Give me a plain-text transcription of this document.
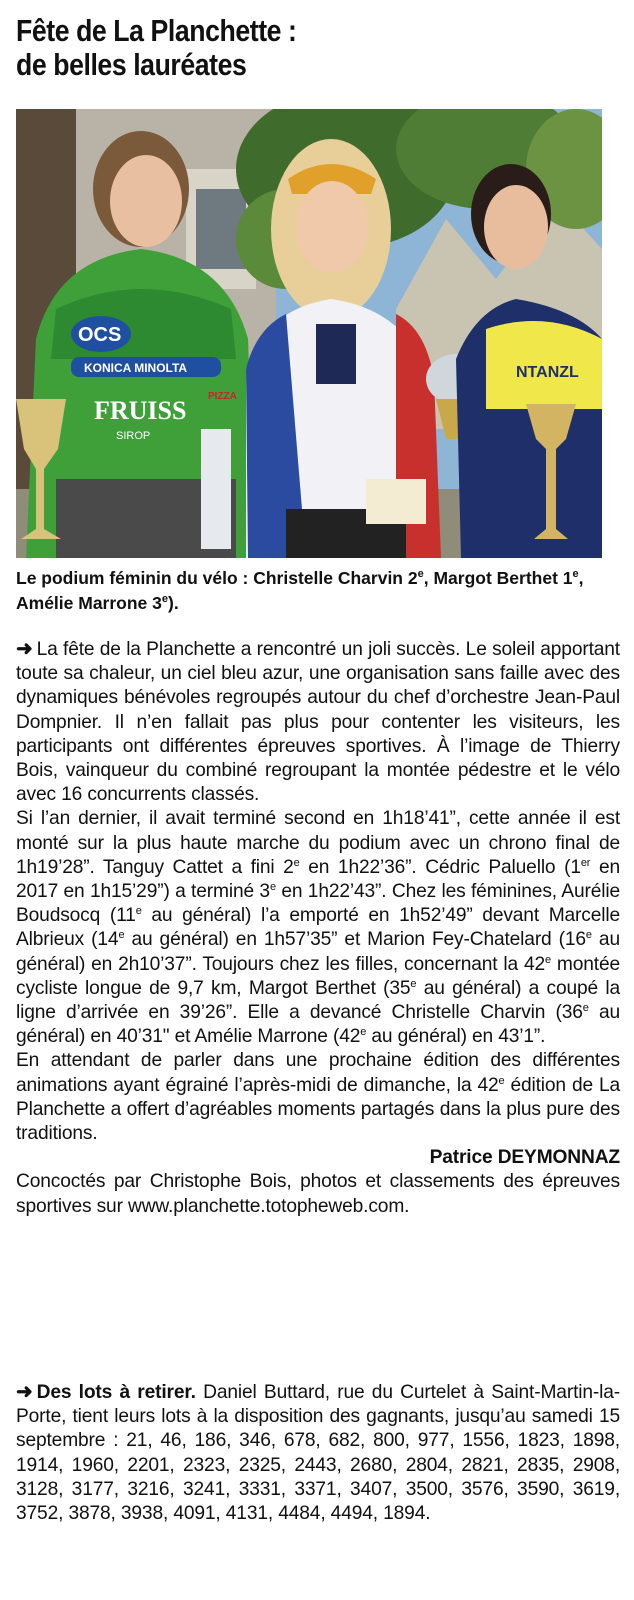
Fête de La Planchette :
de belles lauréates
OCS
KONICA MINOLTA
FRUISS
SIROP
PIZZA
NTANZL
Le podium féminin du vélo : Christelle Charvin 2e, Margot Berthet 1e, Amélie Marrone 3e).

➜ La fête de la Planchette a rencontré un joli succès. Le soleil apportant toute sa chaleur, un ciel bleu azur, une organisation sans faille avec des dynamiques bénévoles regroupés autour du chef d’orchestre Jean-Paul Dompnier. Il n’en fallait pas plus pour contenter les visiteurs, les participants ont différentes épreuves sportives. À l’image de Thierry Bois, vainqueur du combiné regroupant la montée pédestre et le vélo avec 16 concurrents classés.

Si l’an dernier, il avait terminé second en 1h18’41”, cette année il est monté sur la plus haute marche du podium avec un chrono final de 1h19’28”. Tanguy Cattet a fini 2e en 1h22’36”. Cédric Paluello (1er en 2017 en 1h15’29”) a terminé 3e en 1h22’43”. Chez les féminines, Aurélie Boudsocq (11e au général) l’a emporté en 1h52’49” devant Marcelle Albrieux (14e au général) en 1h57’35” et Marion Fey-Chatelard (16e au général) en 2h10’37”. Toujours chez les filles, concernant la 42e montée cycliste longue de 9,7 km, Margot Berthet (35e au général) a coupé la ligne d’arrivée en 39’26”. Elle a devancé Christelle Charvin (36e au général) en 40’31" et Amélie Marrone (42e au général) en 43’1”.

En attendant de parler dans une prochaine édition des différentes animations ayant égrainé l’après-midi de dimanche, la 42e édition de La Planchette a offert d’agréables moments partagés dans la plus pure des traditions.

Patrice DEYMONNAZ

Concoctés par Christophe Bois, photos et classements des épreuves sportives sur www.planchette.totopheweb.com.

➜ Des lots à retirer. Daniel Buttard, rue du Curtelet à Saint-Martin-la-Porte, tient leurs lots à la disposition des gagnants, jusqu’au samedi 15 septembre : 21, 46, 186, 346, 678, 682, 800, 977, 1556, 1823, 1898, 1914, 1960, 2201, 2323, 2325, 2443, 2680, 2804, 2821, 2835, 2908, 3128, 3177, 3216, 3241, 3331, 3371, 3407, 3500, 3576, 3590, 3619, 3752, 3878, 3938, 4091, 4131, 4484, 4494, 1894.
